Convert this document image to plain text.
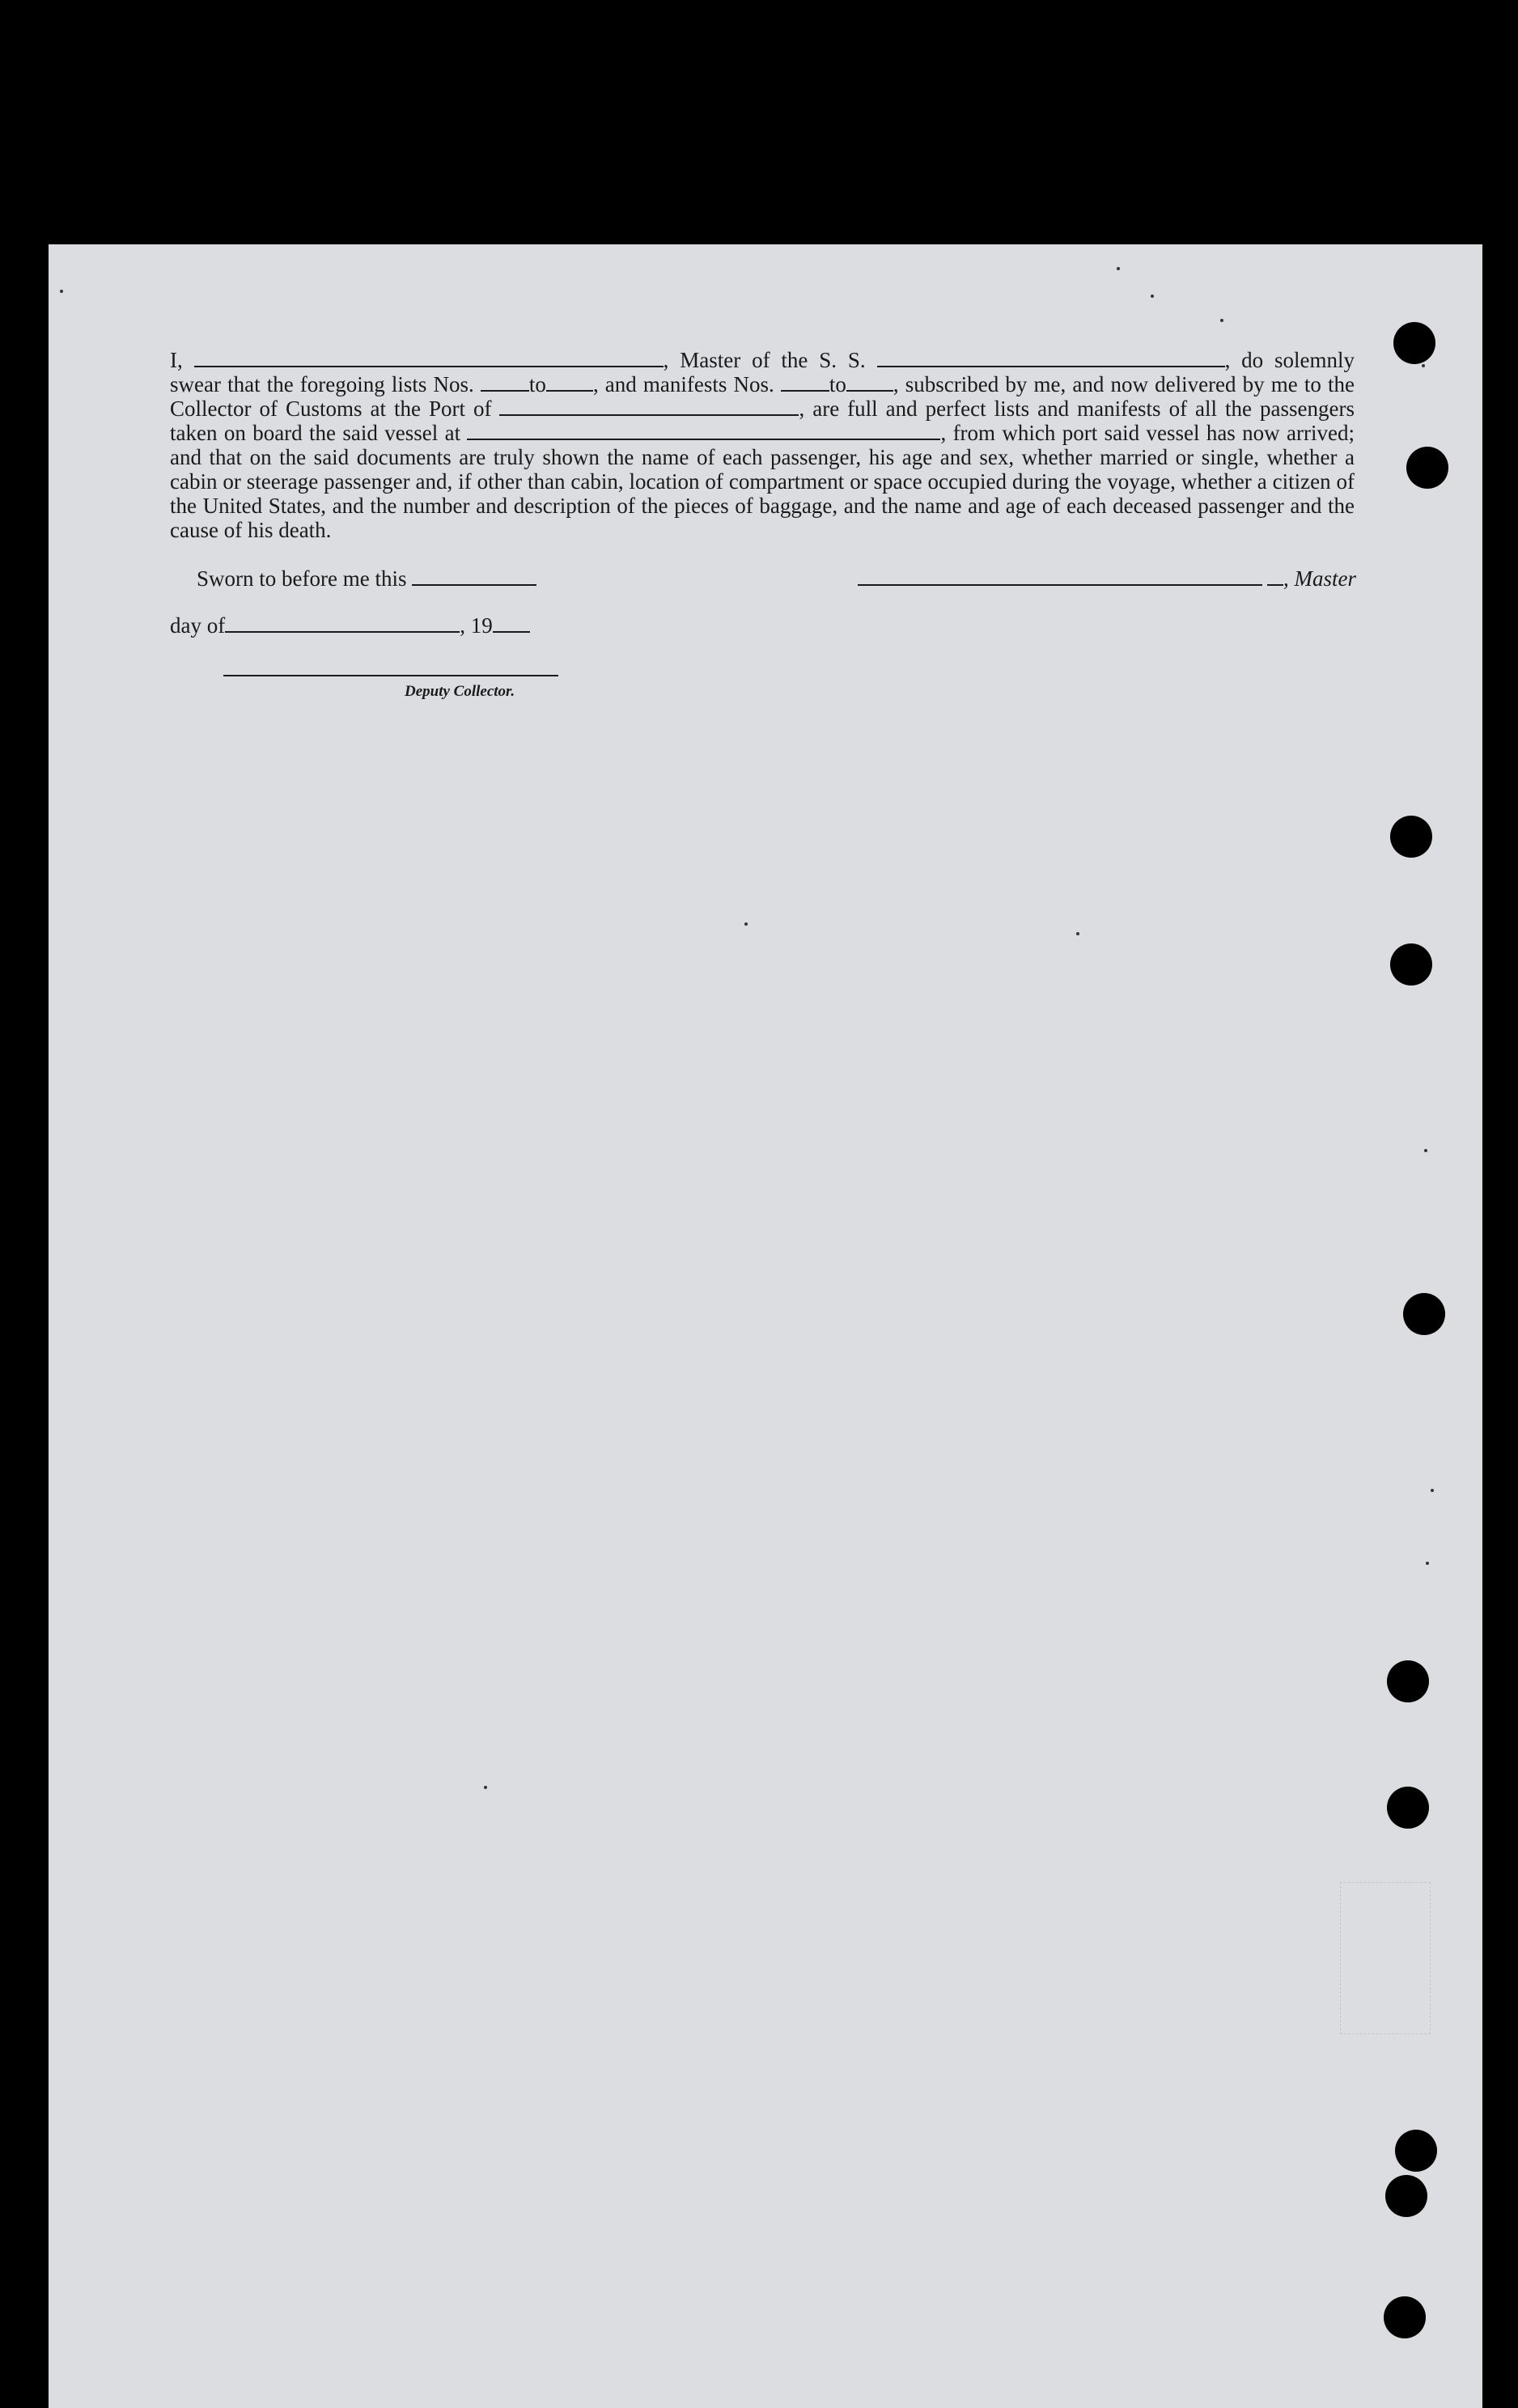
I,	, Master of the S. S.	, do solemnly swear that the foregoing lists Nos.	to , and manifests Nos.	to , subscribed by me, and now delivered by me to the Collector of Customs at the Port of	, are full and perfect lists and manifests of all the passengers taken on board the said vessel at	, from which port said vessel has now arrived; and that on the said documents are truly shown the name of each passenger, his age and sex, whether married or single, whether a cabin or steerage passenger and, if other than cabin, location of compartment or space occupied during the voyage, whether a citizen of the United States, and the number and description of the pieces of baggage, and the name and age of each deceased passenger and the cause of his death.

Sworn to before me this	, Master
day of	, 19
Deputy Collector.
